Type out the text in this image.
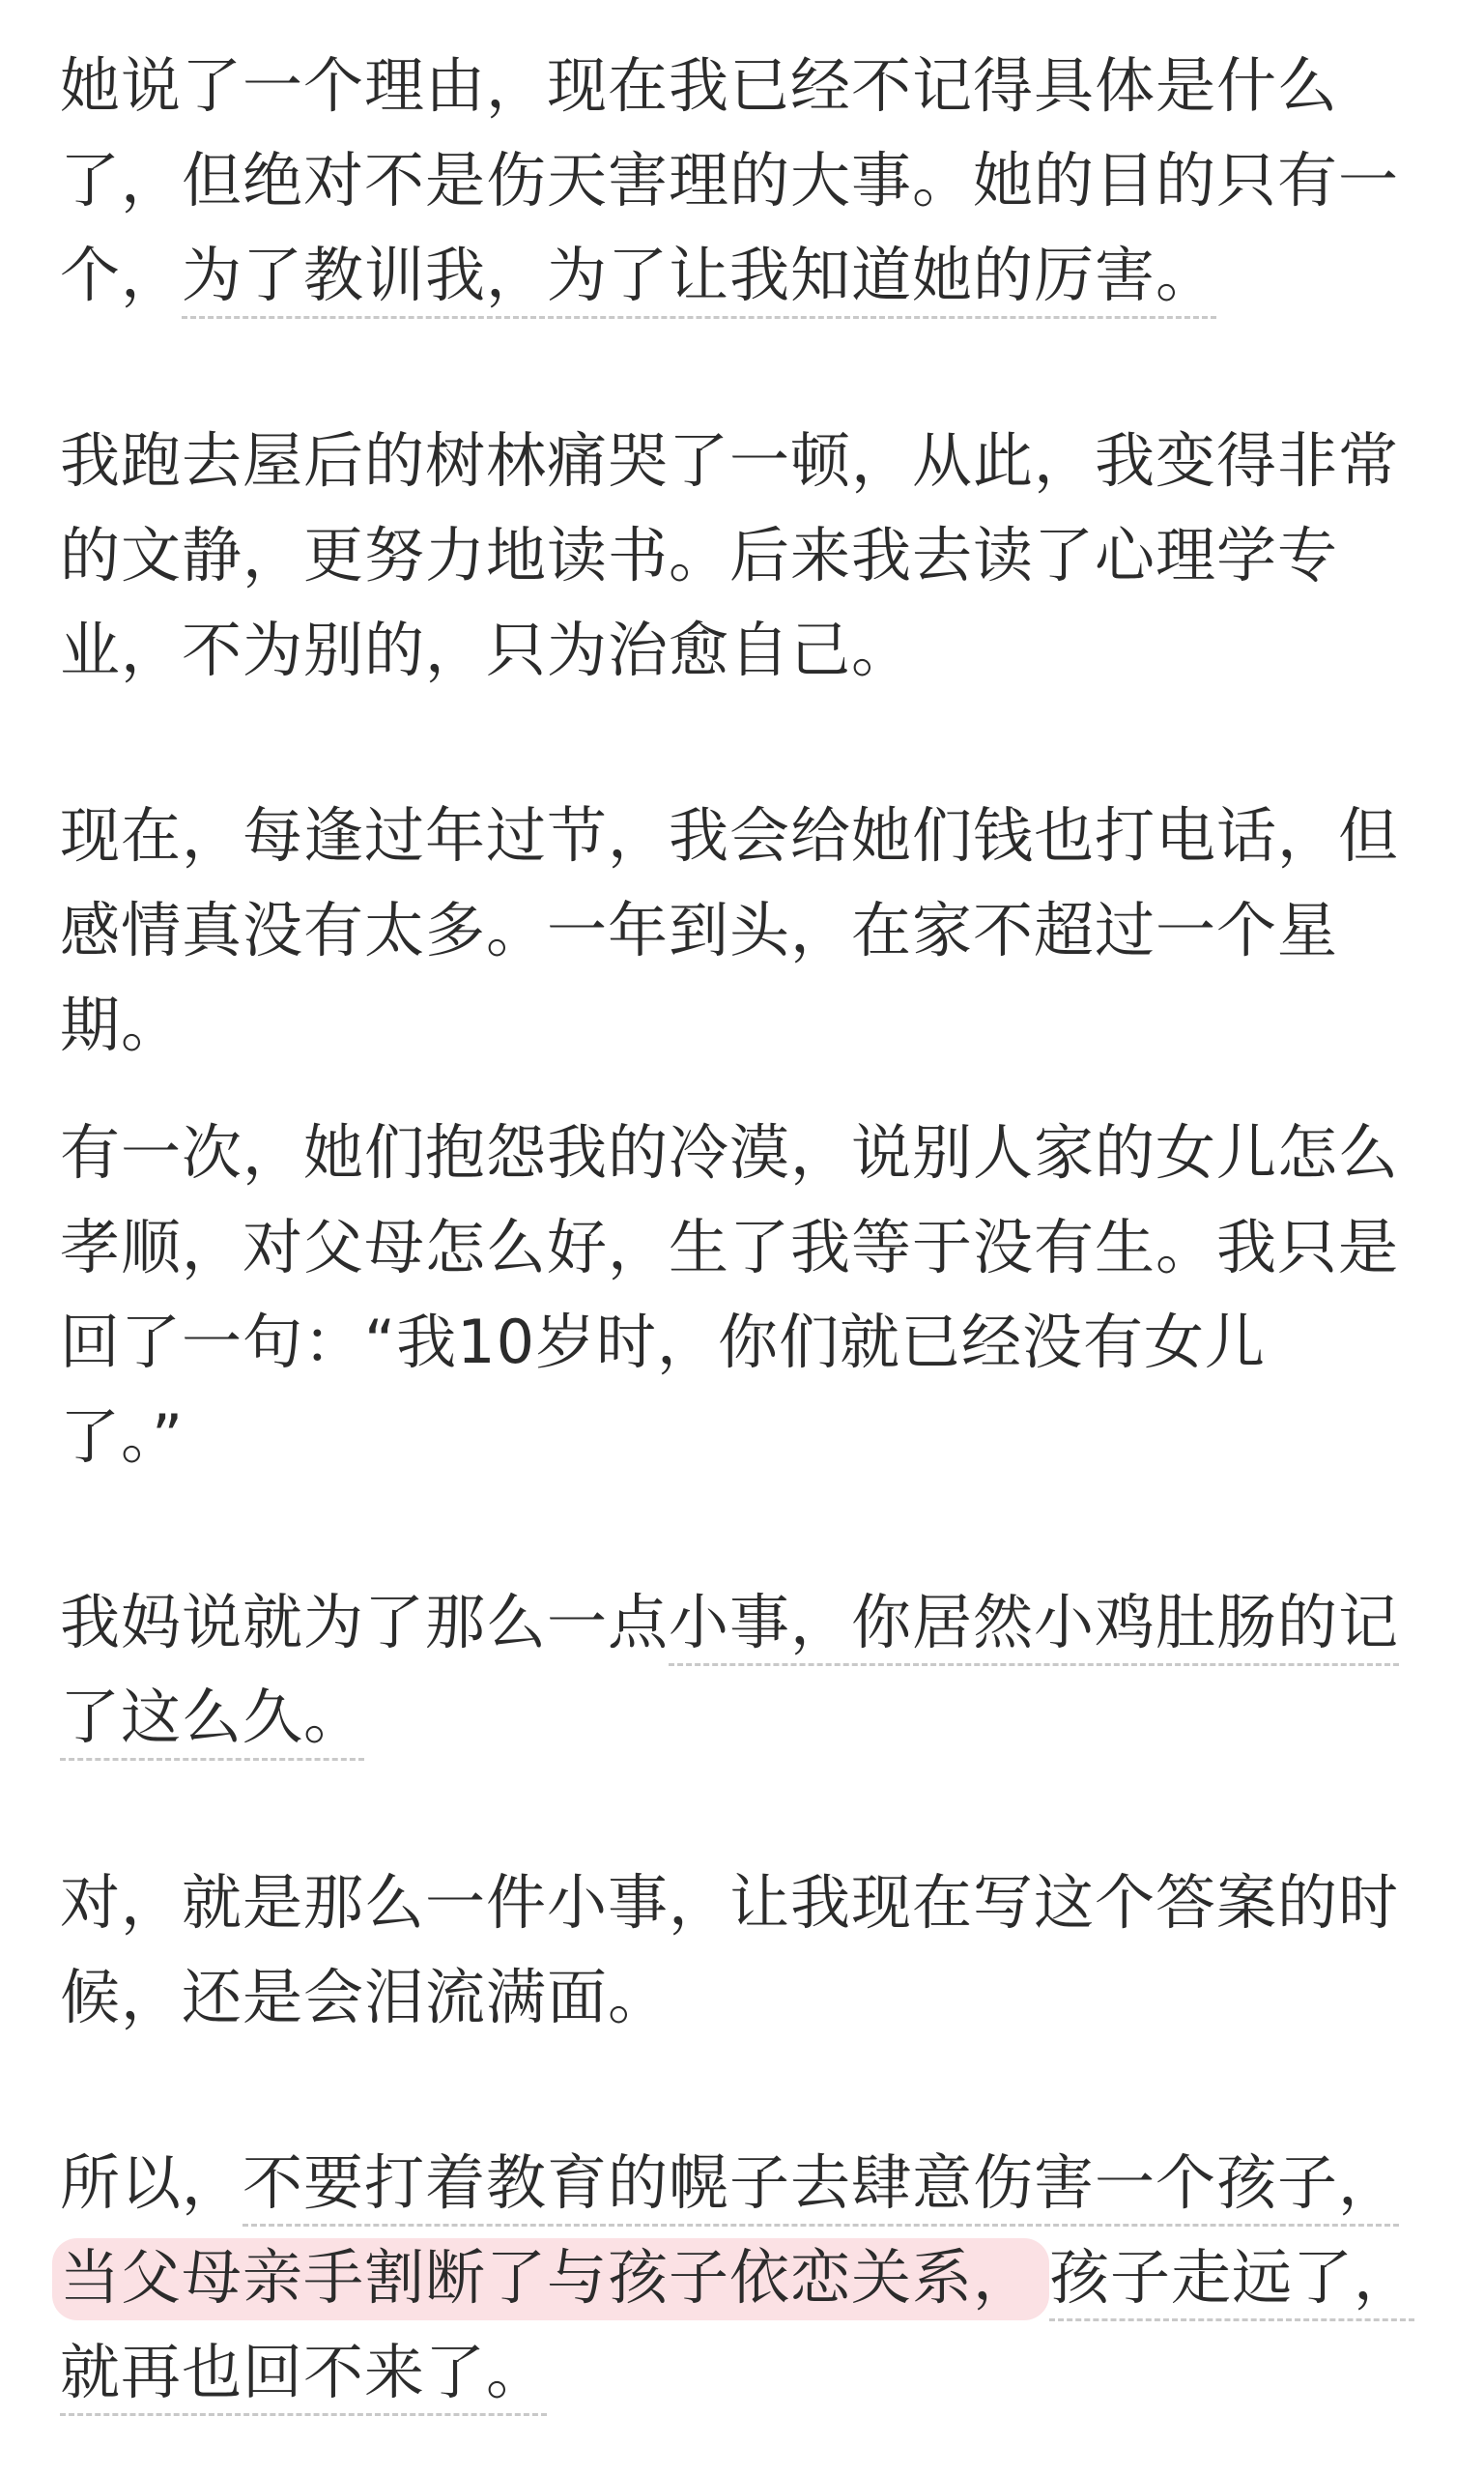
她说了一个理由，现在我已经不记得具体是什么
了，但绝对不是伤天害理的大事。她的目的只有一
个，为了教训我，为了让我知道她的厉害。

我跑去屋后的树林痛哭了一顿，从此，我变得非常
的文静，更努力地读书。后来我去读了心理学专
业，不为别的，只为治愈自己。

现在，每逢过年过节，我会给她们钱也打电话，但
感情真没有太多。一年到头，在家不超过一个星
期。

有一次，她们抱怨我的冷漠，说别人家的女儿怎么
孝顺，对父母怎么好，生了我等于没有生。我只是
回了一句：“我10岁时，你们就已经没有女儿
了。”

我妈说就为了那么一点小事，你居然小鸡肚肠的记
了这么久。

对，就是那么一件小事，让我现在写这个答案的时
候，还是会泪流满面。

所以，不要打着教育的幌子去肆意伤害一个孩子，
当父母亲手割断了与孩子依恋关系， 孩子走远了，
就再也回不来了。
